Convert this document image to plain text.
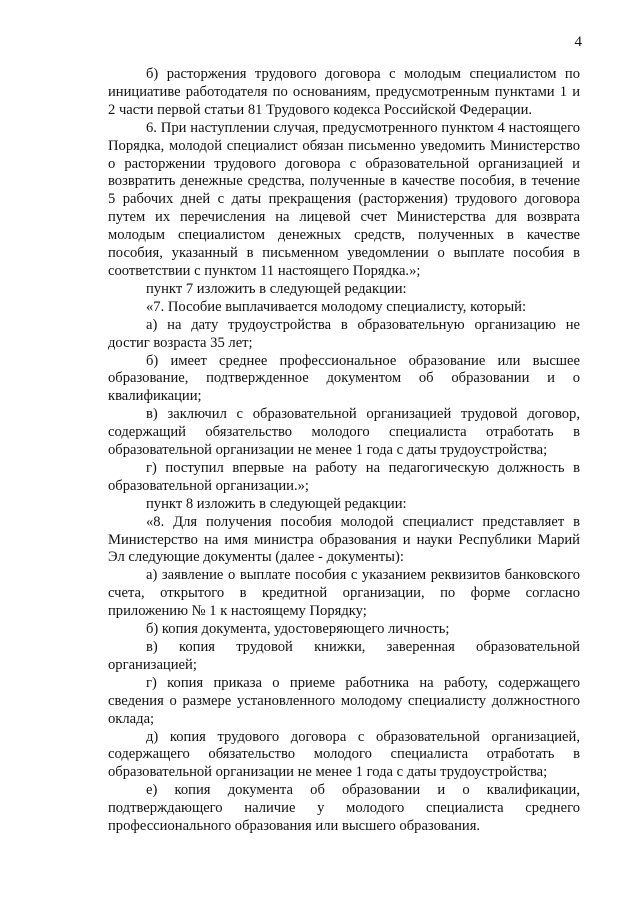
4

б) расторжения трудового договора с молодым специалистом по инициативе работодателя по основаниям, предусмотренным пунктами 1 и 2 части первой статьи 81 Трудового кодекса Российской Федерации.

6. При наступлении случая, предусмотренного пунктом 4 настоящего Порядка, молодой специалист обязан письменно уведомить Министерство о расторжении трудового договора с образовательной организацией и возвратить денежные средства, полученные в качестве пособия, в течение 5 рабочих дней с даты прекращения (расторжения) трудового договора путем их перечисления на лицевой счет Министерства для возврата молодым специалистом денежных средств, полученных в качестве пособия, указанный в письменном уведомлении о выплате пособия в соответствии с пунктом 11 настоящего Порядка.»;

пункт 7 изложить в следующей редакции:

«7. Пособие выплачивается молодому специалисту, который:

а) на дату трудоустройства в образовательную организацию не достиг возраста 35 лет;

б) имеет среднее профессиональное образование или высшее образование, подтвержденное документом об образовании и о квалификации;

в) заключил с образовательной организацией трудовой договор, содержащий обязательство молодого специалиста отработать в образовательной организации не менее 1 года с даты трудоустройства;

г) поступил впервые на работу на педагогическую должность в образовательной организации.»;

пункт 8 изложить в следующей редакции:

«8. Для получения пособия молодой специалист представляет в Министерство на имя министра образования и науки Республики Марий Эл следующие документы (далее - документы):

а) заявление о выплате пособия с указанием реквизитов банковского счета, открытого в кредитной организации, по форме согласно приложению № 1 к настоящему Порядку;

б) копия документа, удостоверяющего личность;

в) копия трудовой книжки, заверенная образовательной организацией;

г) копия приказа о приеме работника на работу, содержащего сведения о размере установленного молодому специалисту должностного оклада;

д) копия трудового договора с образовательной организацией, содержащего обязательство молодого специалиста отработать в образовательной организации не менее 1 года с даты трудоустройства;

е) копия документа об образовании и о квалификации, подтверждающего наличие у молодого специалиста среднего профессионального образования или высшего образования.
